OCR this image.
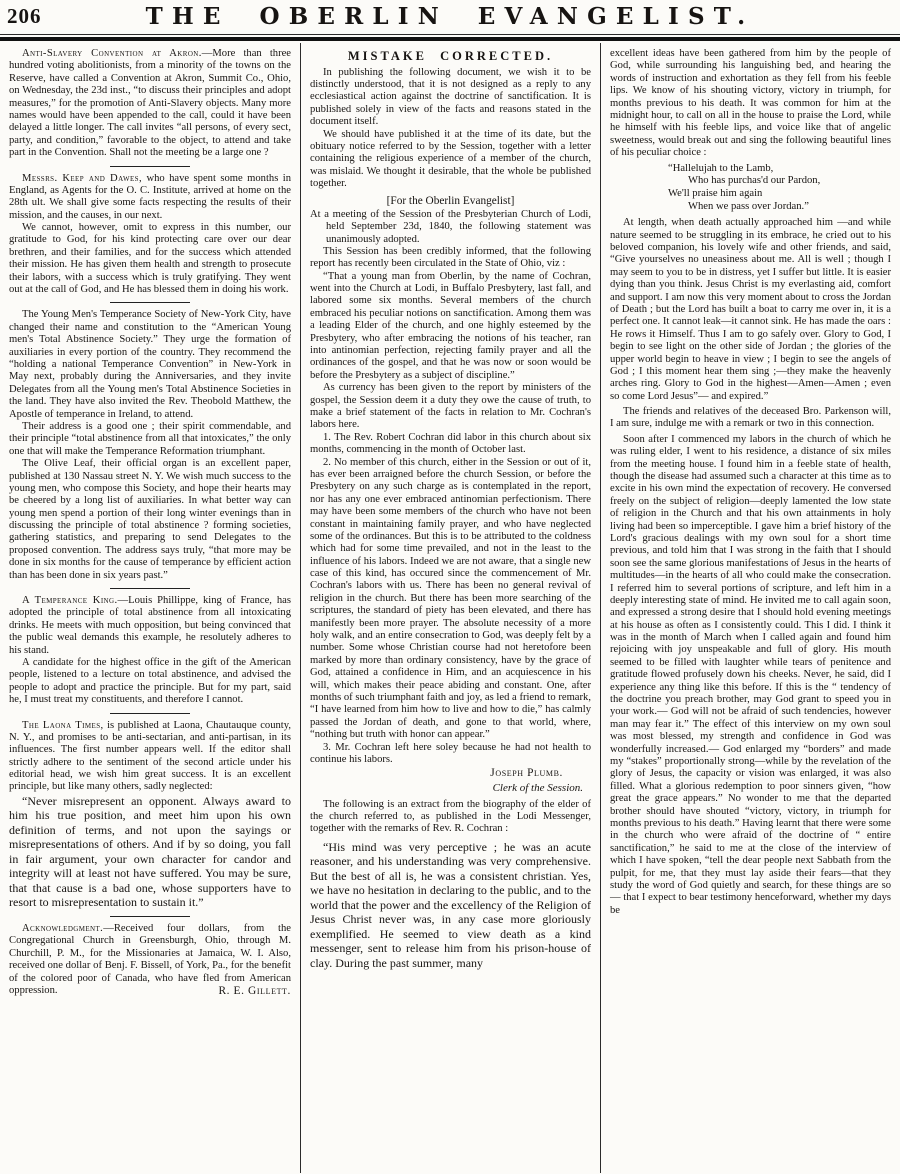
206	THE OBERLIN EVANGELIST.

Anti-Slavery Convention at Akron.—More than three hundred voting abolitionists, from a minority of the towns on the Reserve, have called a Convention at Akron, Summit Co., Ohio, on Wednesday, the 23d inst., “to discuss their principles and adopt measures,” for the promotion of Anti-Slavery objects. Many more names would have been appended to the call, could it have been delayed a little longer. The call invites “all persons, of every sect, party, and condition,” favorable to the object, to attend and take part in the Convention. Shall not the meeting be a large one ?

Messrs. Keep and Dawes, who have spent some months in England, as Agents for the O. C. Institute, arrived at home on the 28th ult. We shall give some facts respecting the results of their mission, and the causes, in our next.

We cannot, however, omit to express in this number, our gratitude to God, for his kind protecting care over our dear brethren, and their families, and for the success which attended their mission. He has given them health and strength to prosecute their labors, with a success which is truly gratifying. They went out at the call of God, and He has blessed them in doing his work.

The Young Men's Temperance Society of New-York City, have changed their name and constitution to the “American Young men's Total Abstinence Society.” They urge the formation of auxiliaries in every portion of the country. They recommend the “holding a national Temperance Convention” in New-York in May next, probably during the Anniversaries, and they invite Delegates from all the Young men's Total Abstinence Societies in the land. They have also invited the Rev. Theobold Matthew, the Apostle of temperance in Ireland, to attend.

Their address is a good one ; their spirit commendable, and their principle “total abstinence from all that intoxicates,” the only one that will make the Temperance Reformation triumphant.

The Olive Leaf, their official organ is an excellent paper, published at 130 Nassau street N. Y. We wish much success to the young men, who compose this Society, and hope their hearts may be cheered by a long list of auxiliaries. In what better way can young men spend a portion of their long winter evenings than in discussing the principle of total abstinence ? forming societies, gathering statistics, and preparing to send Delegates to the proposed convention. The address says truly, “that more may be done in six months for the cause of temperance by efficient action than has been done in six years past.”

A Temperance King.—Louis Phillippe, king of France, has adopted the principle of total abstinence from all intoxicating drinks. He meets with much opposition, but being convinced that the public weal demands this example, he resolutely adheres to his stand.

A candidate for the highest office in the gift of the American people, listened to a lecture on total abstinence, and advised the people to adopt and practice the principle. But for my part, said he, I must treat my constituents, and therefore I cannot.

The Laona Times, is published at Laona, Chautauque county, N. Y., and promises to be anti-sectarian, and anti-partisan, in its influences. The first number appears well. If the editor shall strictly adhere to the sentiment of the second article under his editorial head, we wish him great success. It is an excellent principle, but like many others, sadly neglected:

“Never misrepresent an opponent. Always award to him his true position, and meet him upon his own definition of terms, and not upon the sayings or misrepresentations of others. And if by so doing, you fall in fair argument, your own character for candor and integrity will at least not have suffered. You may be sure, that that cause is a bad one, whose supporters have to resort to misrepresentation to sustain it.”

Acknowledgment.—Received four dollars, from the Congregational Church in Greensburgh, Ohio, through M. Churchill, P. M., for the Missionaries at Jamaica, W. I. Also, received one dollar of Benj. F. Bissell, of York, Pa., for the benefit of the colored poor of Canada, who have fled from American oppression.	R. E. Gillett.
MISTAKE CORRECTED.

In publishing the following document, we wish it to be distinctly understood, that it is not designed as a reply to any ecclesiastical action against the doctrine of sanctification. It is published solely in view of the facts and reasons stated in the document itself.

We should have published it at the time of its date, but the obituary notice referred to by the Session, together with a letter containing the religious experience of a member of the church, was mislaid. We thought it desirable, that the whole be published together.

[For the Oberlin Evangelist]

At a meeting of the Session of the Presbyterian Church of Lodi, held September 23d, 1840, the following statement was unanimously adopted.

This Session has been credibly informed, that the following report has recently been circulated in the State of Ohio, viz :

“That a young man from Oberlin, by the name of Cochran, went into the Church at Lodi, in Buffalo Presbytery, last fall, and labored some six months. Several members of the church embraced his peculiar notions on sanctification. Among them was a leading Elder of the church, and one highly esteemed by the Presbytery, who after embracing the notions of his teacher, ran into antinomian perfection, rejecting family prayer and all the ordinances of the gospel, and that he was now or soon would be before the Presbytery as a subject of discipline.”

As currency has been given to the report by ministers of the gospel, the Session deem it a duty they owe the cause of truth, to make a brief statement of the facts in relation to Mr. Cochran's labors here.

1. The Rev. Robert Cochran did labor in this church about six months, commencing in the month of October last.

2. No member of this church, either in the Session or out of it, has ever been arraigned before the church Session, or before the Presbytery on any such charge as is contemplated in the report, nor has any one ever embraced antinomian perfectionism. There may have been some members of the church who have not been constant in maintaining family prayer, and who have neglected some of the ordinances. But this is to be attributed to the coldness which had for some time prevailed, and not in the least to the influence of his labors. Indeed we are not aware, that a single new case of this kind, has occured since the commencement of Mr. Cochran's labors with us. There has been no general revival of religion in the church. But there has been more searching of the scriptures, the standard of piety has been elevated, and there has manifestly been more prayer. The absolute necessity of a more holy walk, and an entire consecration to God, was deeply felt by a number. Some whose Christian course had not heretofore been marked by more than ordinary consistency, have by the grace of God, attained a confidence in Him, and an acquiescence in his will, which makes their peace abiding and constant. One, after months of such triumphant faith and joy, as led a friend to remark, “I have learned from him how to live and how to die,” has calmly passed the Jordan of death, and gone to that world, where, “nothing but truth with honor can appear.”

3. Mr. Cochran left here soley because he had not health to continue his labors.

Joseph Plumb.
Clerk of the Session.

The following is an extract from the biography of the elder of the church referred to, as published in the Lodi Messenger, together with the remarks of Rev. R. Cochran :

“His mind was very perceptive ; he was an acute reasoner, and his understanding was very comprehensive. But the best of all is, he was a consistent christian. Yes, we have no hesitation in declaring to the public, and to the world that the power and the excellency of the Religion of Jesus Christ never was, in any case more gloriously exemplified. He seemed to view death as a kind messenger, sent to release him from his prison-house of clay. During the past summer, many

excellent ideas have been gathered from him by the people of God, while surrounding his languishing bed, and hearing the words of instruction and exhortation as they fell from his feeble lips. We know of his shouting victory, victory in triumph, for months previous to his death. It was common for him at the midnight hour, to call on all in the house to praise the Lord, while he himself with his feeble lips, and voice like that of angelic sweetness, would break out and sing the following beautiful lines of his peculiar choice :

“Hallelujah to the Lamb,
Who has purchas'd our Pardon,
We'll praise him again
When we pass over Jordan.”

At length, when death actually approached him —and while nature seemed to be struggling in its embrace, he cried out to his beloved companion, his lovely wife and other friends, and said, “Give yourselves no uneasiness about me. All is well ; though I may seem to you to be in distress, yet I suffer but little. It is easier dying than you think. Jesus Christ is my everlasting aid, comfort and support. I am now this very moment about to cross the Jordan of Death ; but the Lord has built a boat to carry me over in, it is a perfect one. It cannot leak—it cannot sink. He has made the oars : He rows it Himself. Thus I am to go safely over. Glory to God, I begin to see light on the other side of Jordan ; the glories of the upper world begin to heave in view ; I begin to see the angels of God ; I this moment hear them sing ;—they make the heavenly arches ring. Glory to God in the highest—Amen—Amen ; even so come Lord Jesus”— and expired.”

The friends and relatives of the deceased Bro. Parkenson will, I am sure, indulge me with a remark or two in this connection.

Soon after I commenced my labors in the church of which he was ruling elder, I went to his residence, a distance of six miles from the meeting house. I found him in a feeble state of health, though the disease had assumed such a character at this time as to excite in his own mind the expectation of recovery. He conversed freely on the subject of religion—deeply lamented the low state of religion in the Church and that his own attainments in holy living had been so imperceptible. I gave him a brief history of the Lord's gracious dealings with my own soul for a short time previous, and told him that I was strong in the faith that I should soon see the same glorious manifestations of Jesus in the hearts of multitudes—in the hearts of all who could make the consecration. I referred him to several portions of scripture, and left him in a deeply interesting state of mind. He invited me to call again soon, and expressed a strong desire that I should hold evening meetings at his house as often as I consistently could. This I did. I think it was in the month of March when I called again and found him rejoicing with joy unspeakable and full of glory. His mouth seemed to be filled with laughter while tears of penitence and gratitude flowed profusely down his cheeks. Never, he said, did I experience any thing like this before. If this is the “ tendency of the doctrine you preach brother, may God grant to speed you in your work.— God will not be afraid of such tendencies, however man may fear it.” The effect of this interview on my own soul was most blessed, my strength and confidence in God was wonderfully increased.— God enlarged my “borders” and made my “stakes” proportionally strong—while by the revelation of the glory of Jesus, the capacity or vision was enlarged, it was also filled. What a glorious redemption to poor sinners given, “how great the grace appears.” No wonder to me that the departed brother should have shouted “victory, victory, in triumph for months previous to his death.” Having learnt that there were some in the church who were afraid of the doctrine of “ entire sanctification,” he said to me at the close of the interview of which I have spoken, “tell the dear people next Sabbath from the pulpit, for me, that they must lay aside their fears—that they study the word of God quietly and search, for these things are so— that I expect to bear testimony henceforward, whether my days be
